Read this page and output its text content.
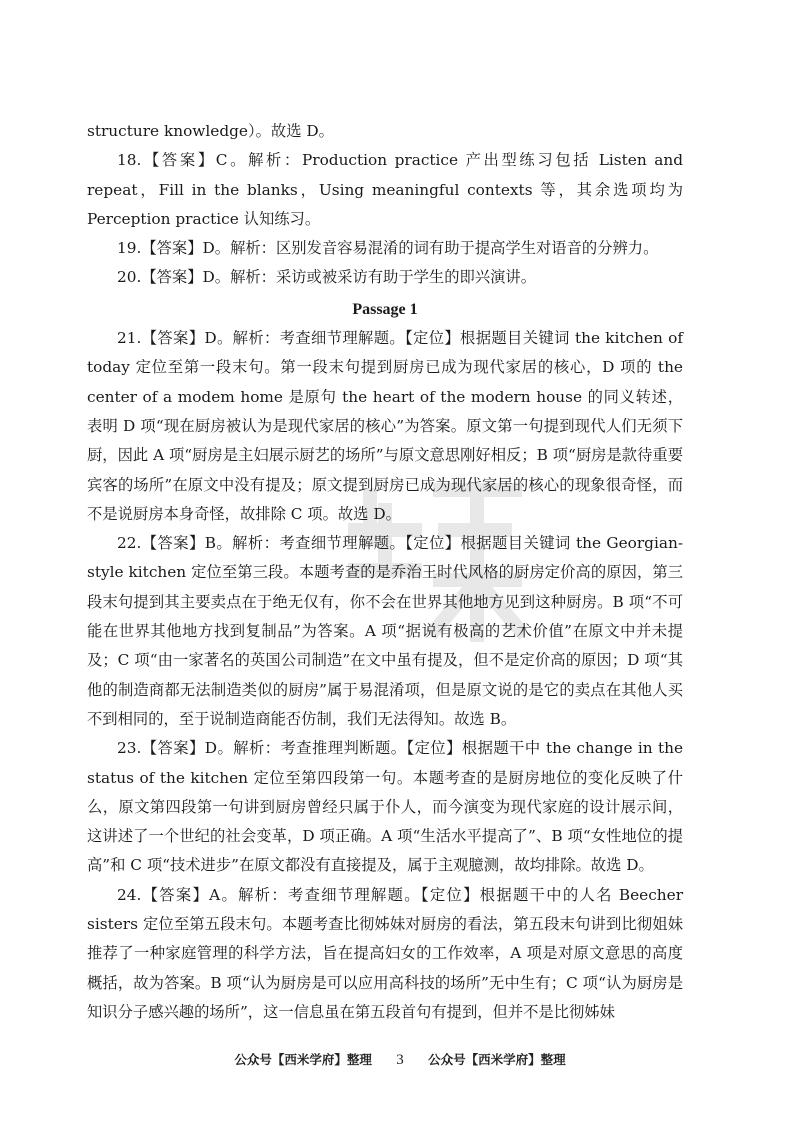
structure knowledge）。故选 D。

18.【答案】C。解析：Production practice 产出型练习包括 Listen and repeat，Fill in the blanks，Using meaningful contexts 等，其余选项均为 Perception practice 认知练习。

19.【答案】D。解析：区别发音容易混淆的词有助于提高学生对语音的分辨力。

20.【答案】D。解析：采访或被采访有助于学生的即兴演讲。

Passage 1

21.【答案】D。解析：考查细节理解题。【定位】根据题目关键词 the kitchen of today 定位至第一段末句。第一段末句提到厨房已成为现代家居的核心，D 项的 the center of a modem home 是原句 the heart of the modern house 的同义转述，表明 D 项“现在厨房被认为是现代家居的核心”为答案。原文第一句提到现代人们无须下厨，因此 A 项“厨房是主妇展示厨艺的场所”与原文意思刚好相反；B 项“厨房是款待重要宾客的场所”在原文中没有提及；原文提到厨房已成为现代家居的核心的现象很奇怪，而不是说厨房本身奇怪，故排除 C 项。故选 D。

22.【答案】B。解析：考查细节理解题。【定位】根据题目关键词 the Georgian-style kitchen 定位至第三段。本题考查的是乔治王时代风格的厨房定价高的原因，第三段末句提到其主要卖点在于绝无仅有，你不会在世界其他地方见到这种厨房。B 项“不可能在世界其他地方找到复制品”为答案。A 项“据说有极高的艺术价值”在原文中并未提及；C 项“由一家著名的英国公司制造”在文中虽有提及，但不是定价高的原因；D 项“其他的制造商都无法制造类似的厨房”属于易混淆项，但是原文说的是它的卖点在其他人买不到相同的，至于说制造商能否仿制，我们无法得知。故选 B。

23.【答案】D。解析：考查推理判断题。【定位】根据题干中 the change in the status of the kitchen 定位至第四段第一句。本题考查的是厨房地位的变化反映了什么，原文第四段第一句讲到厨房曾经只属于仆人，而今演变为现代家庭的设计展示间，这讲述了一个世纪的社会变革，D 项正确。A 项“生活水平提高了”、B 项“女性地位的提高”和 C 项“技术进步”在原文都没有直接提及，属于主观臆测，故均排除。故选 D。

24.【答案】A。解析：考查细节理解题。【定位】根据题干中的人名 Beecher sisters 定位至第五段末句。本题考查比彻姊妹对厨房的看法，第五段末句讲到比彻姐妹推荐了一种家庭管理的科学方法，旨在提高妇女的工作效率，A 项是对原文意思的高度概括，故为答案。B 项“认为厨房是可以应用高科技的场所”无中生有；C 项“认为厨房是知识分子感兴趣的场所”，这一信息虽在第五段首句有提到，但并不是比彻姊妹

公众号【西米学府】整理 3 公众号【西米学府】整理
